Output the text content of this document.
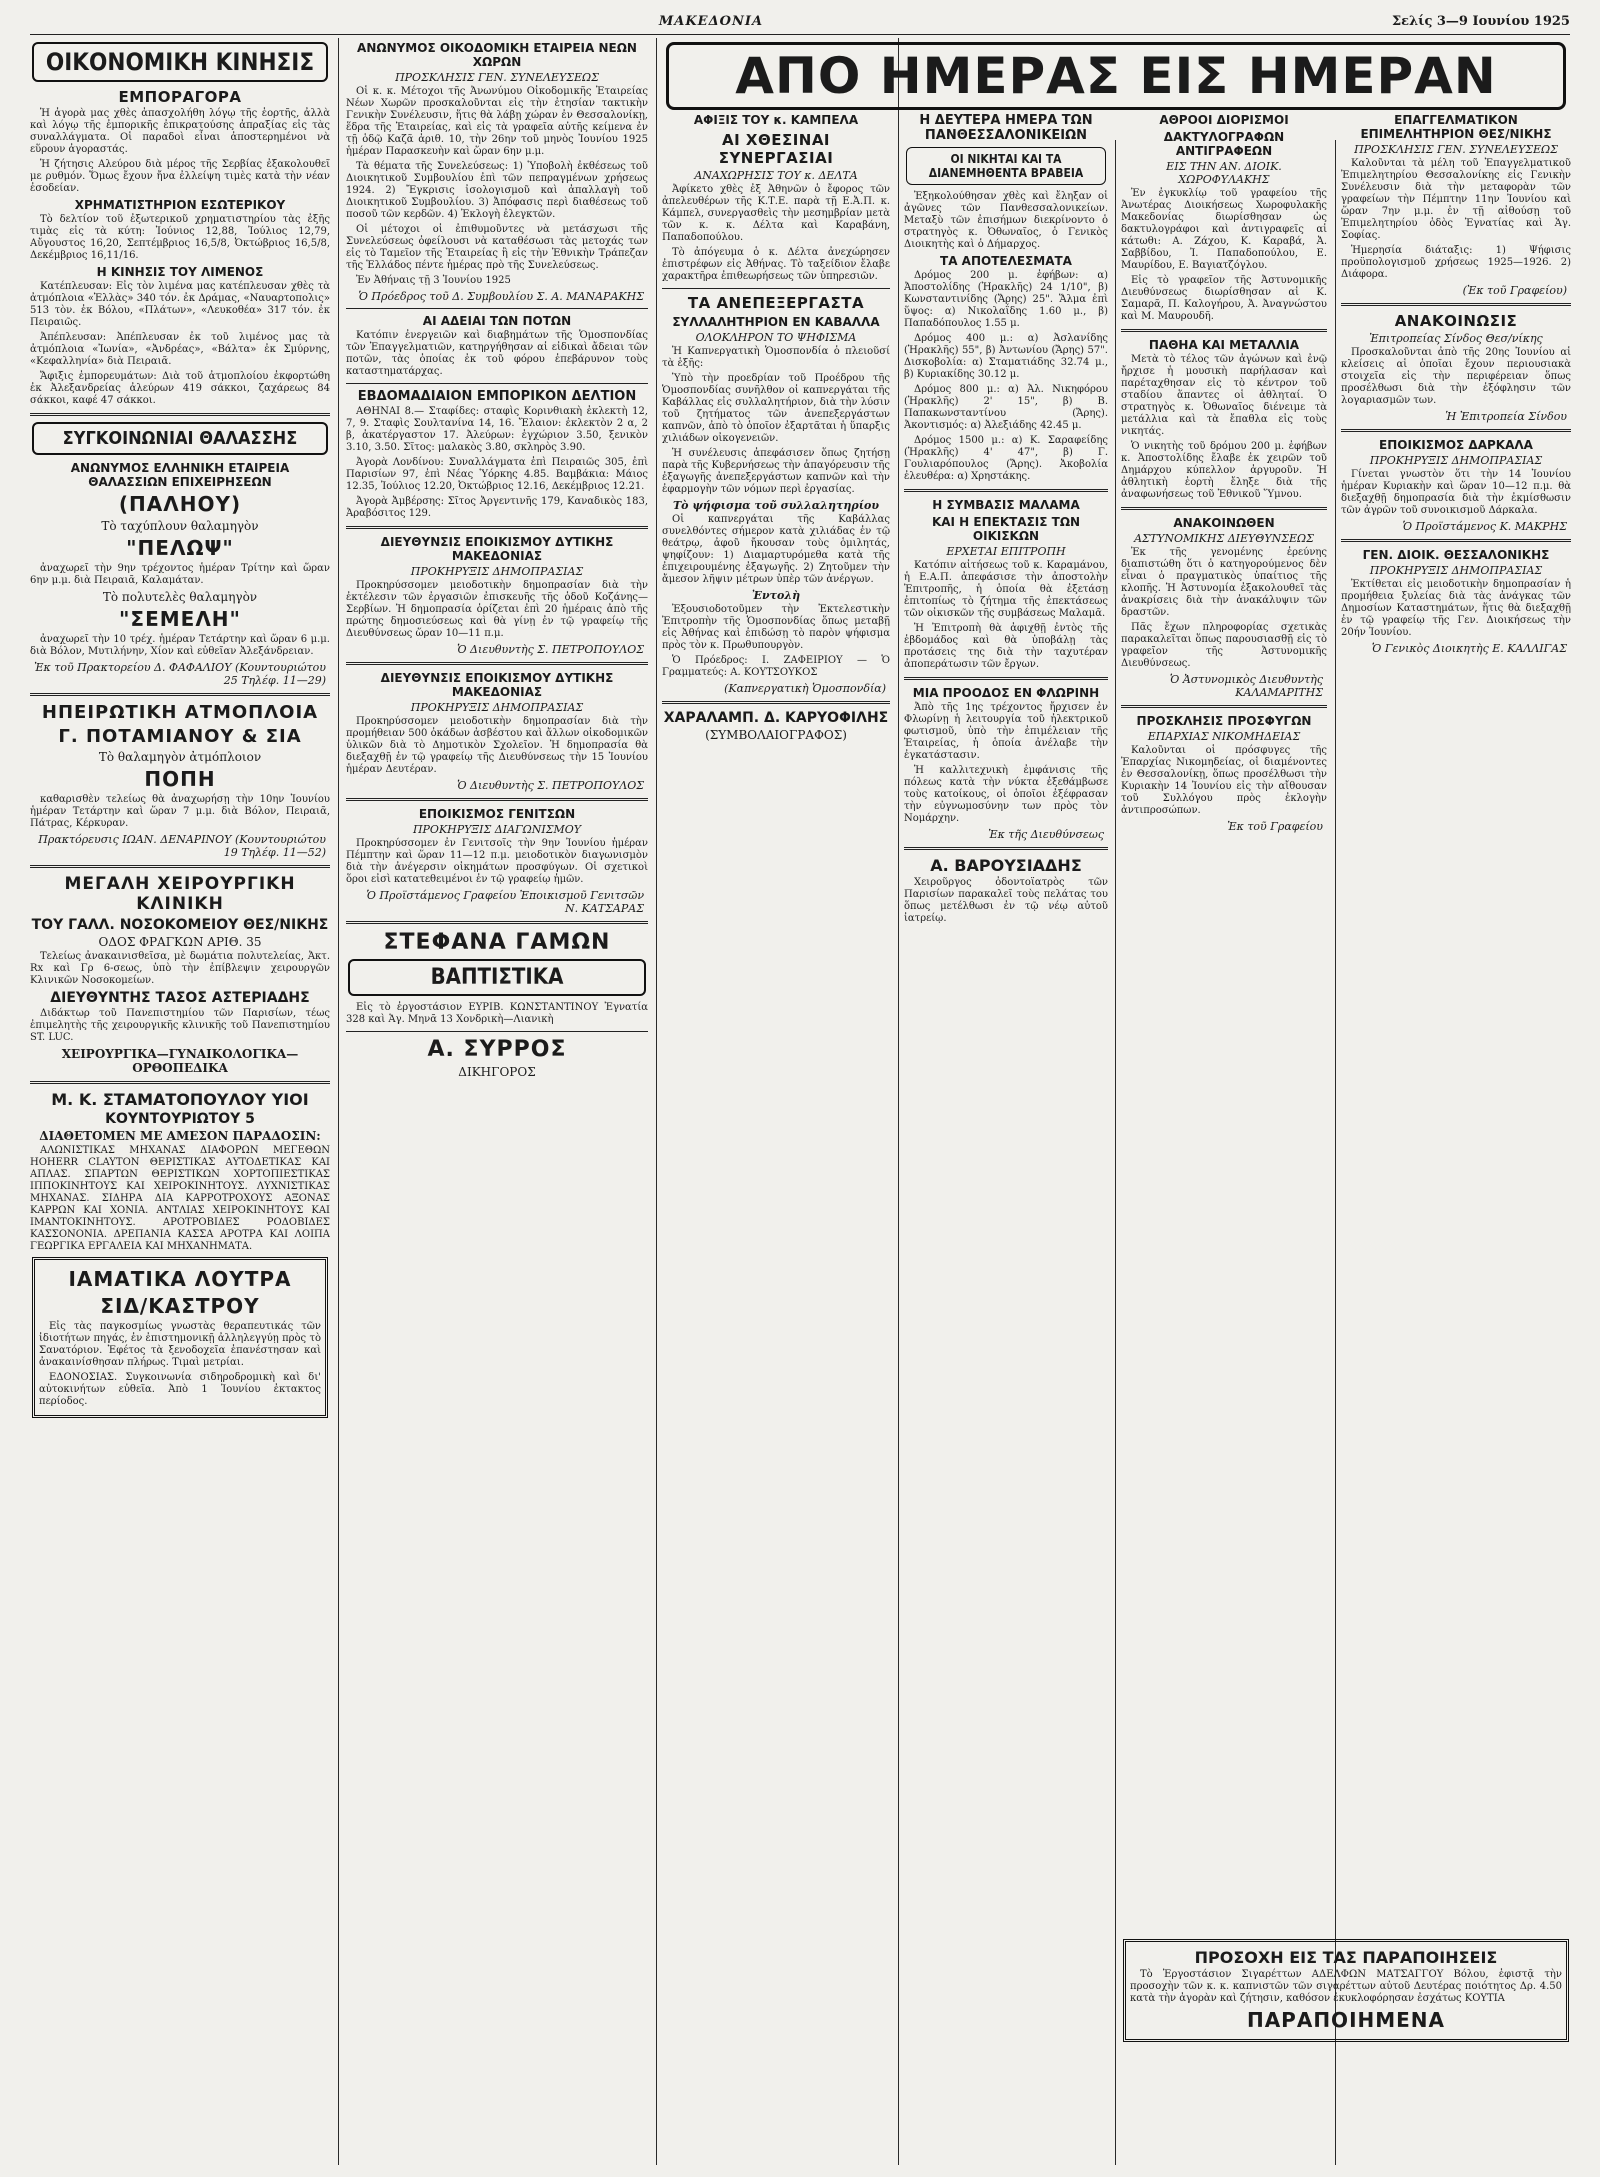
ΜΑΚΕΔΟΝΙΑ	Σελίς 3—9 Ιουνίου 1925
ΟΙΚΟΝΟΜΙΚΗ ΚΙΝΗΣΙΣ
ΕΜΠΟΡΑΓΟΡΑ

Ἡ ἀγορὰ μας χθὲς ἀπασχολήθη λόγῳ τῆς ἑορτῆς, ἀλλὰ καὶ λόγῳ τῆς ἐμπορικῆς ἐπικρατούσης ἀπραξίας εἰς τὰς συναλλάγματα. Οἱ παραδοὶ εἶναι ἀποστερημένοι νὰ εὕρουν ἀγοραστάς.

Ἡ ζήτησις Αλεύρου διὰ μέρος τῆς Σερβίας ἐξακολουθεῖ με ρυθμόν. Ὅμως ἔχουν ἤνα ἐλλείψη τιμὲς κατὰ τὴν νέαν ἐσοδείαν.

ΧΡΗΜΑΤΙΣΤΗΡΙΟΝ ΕΣΩΤΕΡΙΚΟΥ

Τὸ δελτίον τοῦ ἐξωτερικοῦ χρηματιστηρίου τὰς ἐξῆς τιμὰς εἰς τὰ κύτη: Ἰούνιος 12,88, Ἰούλιος 12,79, Αὔγουστος 16,20, Σεπτέμβριος 16,5/8, Ὀκτώβριος 16,5/8, Δεκέμβριος 16,11/16.

Η ΚΙΝΗΣΙΣ ΤΟΥ ΛΙΜΕΝΟΣ

Κατέπλευσαν: Εἰς τὸν λιμένα μας κατέπλευσαν χθὲς τὰ ἀτμόπλοια «Ἑλλὰς» 340 τόν. ἐκ Δράμας, «Ναυαρτοπολις» 513 τὸν. ἐκ Βόλου, «Πλάτων», «Λευκοθέα» 317 τόν. ἐκ Πειραιῶς.

Ἀπέπλευσαν: Ἀπέπλευσαν ἐκ τοῦ λιμένος μας τὰ ἀτμόπλοια «Ἰωνία», «Ἀνδρέας», «Βάλτα» ἐκ Σμύρνης, «Κεφαλληνία» διὰ Πειραιᾶ.

Ἄφιξις ἐμπορευμάτων: Διὰ τοῦ ἀτμοπλοίου ἐκφορτώθη ἐκ Ἀλεξανδρείας ἀλεύρων 419 σάκκοι, ζαχάρεως 84 σάκκοι, καφέ 47 σάκκοι.

ΣΥΓΚΟΙΝΩΝΙΑΙ ΘΑΛΑΣΣΗΣ
ΑΝΩΝΥΜΟΣ ΕΛΛΗΝΙΚΗ ΕΤΑΙΡΕΙΑ ΘΑΛΑΣΣΙΩΝ ΕΠΙΧΕΙΡΗΣΕΩΝ
(ΠΑΛΗΟΥ)
Τὸ ταχύπλουν θαλαμηγὸν
"ΠΕΛΩΨ"

ἀναχωρεῖ τὴν 9ην τρέχοντος ἡμέραν Τρίτην καὶ ὥραν 6ην μ.μ. διὰ Πειραιᾶ, Καλαμάταν.

Τὸ πολυτελὲς θαλαμηγὸν
"ΣΕΜΕΛΗ"

ἀναχωρεῖ τὴν 10 τρέχ. ἡμέραν Τετάρτην καὶ ὥραν 6 μ.μ. διὰ Βόλον, Μυτιλήνην, Χίον καὶ εὐθεῖαν Ἀλεξάνδρειαν.

Ἐκ τοῦ Πρακτορείου Δ. ΦΑΦΑΛΙΟΥ (Κουντουριώτου 25 Τηλέφ. 11—29)
ΗΠΕΙΡΩΤΙΚΗ ΑΤΜΟΠΛΟΙΑ
Γ. ΠΟΤΑΜΙΑΝΟΥ & ΣΙΑ
Τὸ θαλαμηγὸν ἀτμόπλοιον
ΠΟΠΗ

καθαρισθὲν τελείως θὰ ἀναχωρήσῃ τὴν 10ην Ἰουνίου ἡμέραν Τετάρτην καὶ ὥραν 7 μ.μ. διὰ Βόλον, Πειραιᾶ, Πάτρας, Κέρκυραν.

Πρακτόρευσις ΙΩΑΝ. ΔΕΝΑΡΙΝΟΥ (Κουντουριώτου 19 Τηλέφ. 11—52)
ΜΕΓΑΛΗ ΧΕΙΡΟΥΡΓΙΚΗ ΚΛΙΝΙΚΗ
ΤΟΥ ΓΑΛΛ. ΝΟΣΟΚΟΜΕΙΟΥ ΘΕΣ/ΝΙΚΗΣ
ΟΔΟΣ ΦΡΑΓΚΩΝ ΑΡΙΘ. 35

Τελείως ἀνακαινισθεῖσα, μὲ δωμάτια πολυτελείας, Ἀκτ. Rx καὶ Γρ 6-σεως, ὑπὸ τὴν ἐπίβλεψιν χειρουργῶν Κλινικῶν Νοσοκομείων.

ΔΙΕΥΘΥΝΤΗΣ ΤΑΣΟΣ ΑΣΤΕΡΙΑΔΗΣ

Διδάκτωρ τοῦ Πανεπιστημίου τῶν Παρισίων, τέως ἐπιμελητὴς τῆς χειρουργικῆς κλινικῆς τοῦ Πανεπιστημίου ST. LUC.

ΧΕΙΡΟΥΡΓΙΚΑ—ΓΥΝΑΙΚΟΛΟΓΙΚΑ—ΟΡΘΟΠΕΔΙΚΑ
Μ. Κ. ΣΤΑΜΑΤΟΠΟΥΛΟΥ ΥΙΟΙ
ΚΟΥΝΤΟΥΡΙΩΤΟΥ 5
ΔΙΑΘΕΤΟΜΕΝ ΜΕ ΑΜΕΣΟΝ ΠΑΡΑΔΟΣΙΝ:

ΑΛΩΝΙΣΤΙΚΑΣ ΜΗΧΑΝΑΣ ΔΙΑΦΟΡΩΝ ΜΕΓΕΘΩΝ HOHERR CLAYTON ΘΕΡΙΣΤΙΚΑΣ ΑΥΤΟΔΕΤΙΚΑΣ ΚΑΙ ΑΠΛΑΣ. ΣΠΑΡΤΩΝ ΘΕΡΙΣΤΙΚΩΝ ΧΟΡΤΟΠΙΕΣΤΙΚΑΣ ΙΠΠΟΚΙΝΗΤΟΥΣ ΚΑΙ ΧΕΙΡΟΚΙΝΗΤΟΥΣ. ΛΥΧΝΙΣΤΙΚΑΣ ΜΗΧΑΝΑΣ. ΣΙΔΗΡΑ ΔΙΑ ΚΑΡΡΟΤΡΟΧΟΥΣ ΑΞΟΝΑΣ ΚΑΡΡΩΝ ΚΑΙ ΧΟΝΙΑ. ΑΝΤΛΙΑΣ ΧΕΙΡΟΚΙΝΗΤΟΥΣ ΚΑΙ ΙΜΑΝΤΟΚΙΝΗΤΟΥΣ. ΑΡΟΤΡΟΒΙΔΕΣ ΡΟΔΟΒΙΔΕΣ ΚΑΣΣΟΝΟΝΙΑ. ΔΡΕΠΑΝΙΑ ΚΑΣΣΑ ΑΡΟΤΡΑ ΚΑΙ ΛΟΙΠΑ ΓΕΩΡΓΙΚΑ ΕΡΓΑΛΕΙΑ ΚΑΙ ΜΗΧΑΝΗΜΑΤΑ.

ΙΑΜΑΤΙΚΑ ΛΟΥΤΡΑ
ΣΙΔ/ΚΑΣΤΡΟΥ

Εἰς τὰς παγκοσμίως γνωστὰς θεραπευτικάς τῶν ἰδιοτήτων πηγάς, ἐν ἐπιστημονικῇ ἀλληλεγγύῃ πρὸς τὸ Σανατόριον. Ἐφέτος τὰ ξενοδοχεῖα ἐπανέστησαν καὶ ἀνακαινίσθησαν πλήρως. Τιμαὶ μετρίαι.

ΕΔΟΝΟΣΙΑΣ. Συγκοινωνία σιδηροδρομικὴ καὶ δι' αὐτοκινήτων εὐθεῖα. Ἀπὸ 1 Ἰουνίου ἐκτακτος περίοδος.

ΑΝΩΝΥΜΟΣ ΟΙΚΟΔΟΜΙΚΗ ΕΤΑΙΡΕΙΑ ΝΕΩΝ ΧΩΡΩΝ
ΠΡΟΣΚΛΗΣΙΣ ΓΕΝ. ΣΥΝΕΛΕΥΣΕΩΣ

Οἱ κ. κ. Μέτοχοι τῆς Ἀνωνύμου Οἰκοδομικῆς Ἑταιρείας Νέων Χωρῶν προσκαλοῦνται εἰς τὴν ἐτησίαν τακτικὴν Γενικὴν Συνέλευσιν, ἥτις θὰ λάβῃ χώραν ἐν Θεσσαλονίκῃ, ἕδρα τῆς Ἑταιρείας, καὶ εἰς τὰ γραφεῖα αὐτῆς κείμενα ἐν τῇ ὁδῷ Καζᾶ ἀριθ. 10, τὴν 26ην τοῦ μηνὸς Ἰουνίου 1925 ἡμέραν Παρασκευὴν καὶ ὥραν 6ην μ.μ.

Τὰ θέματα τῆς Συνελεύσεως: 1) Ὑποβολὴ ἐκθέσεως τοῦ Διοικητικοῦ Συμβουλίου ἐπὶ τῶν πεπραγμένων χρήσεως 1924. 2) Ἔγκρισις ἰσολογισμοῦ καὶ ἀπαλλαγὴ τοῦ Διοικητικοῦ Συμβουλίου. 3) Ἀπόφασις περὶ διαθέσεως τοῦ ποσοῦ τῶν κερδῶν. 4) Ἐκλογὴ ἐλεγκτῶν.

Οἱ μέτοχοι οἱ ἐπιθυμοῦντες νὰ μετάσχωσι τῆς Συνελεύσεως ὀφείλουσι νὰ καταθέσωσι τὰς μετοχάς των εἰς τὸ Ταμεῖον τῆς Ἑταιρείας ἢ εἰς τὴν Ἐθνικὴν Τράπεζαν τῆς Ἑλλάδος πέντε ἡμέρας πρὸ τῆς Συνελεύσεως.

Ἐν Ἀθήναις τῇ 3 Ἰουνίου 1925

Ὁ Πρόεδρος τοῦ Δ. Συμβουλίου Σ. Α. ΜΑΝΑΡΑΚΗΣ
ΑΙ ΑΔΕΙΑΙ ΤΩΝ ΠΟΤΩΝ

Κατόπιν ἐνεργειῶν καὶ διαβημάτων τῆς Ὁμοσπονδίας τῶν Ἐπαγγελματιῶν, κατηργήθησαν αἱ εἰδικαὶ ἄδειαι τῶν ποτῶν, τὰς ὁποίας ἐκ τοῦ φόρου ἐπεβάρυνον τοὺς καταστηματάρχας.

ΕΒΔΟΜΑΔΙΑΙΟΝ ΕΜΠΟΡΙΚΟΝ ΔΕΛΤΙΟΝ

ΑΘΗΝΑΙ 8.— Σταφίδες: σταφὶς Κορινθιακὴ ἐκλεκτὴ 12, 7, 9. Σταφὶς Σουλτανίνα 14, 16. Ἔλαιον: ἐκλεκτὸν 2 α, 2 β, ἀκατέργαστον 17. Ἀλεύρων: ἐγχώριον 3.50, ξενικὸν 3.10, 3.50. Σῖτος: μαλακὸς 3.80, σκληρὸς 3.90.

Ἀγορὰ Λονδίνου: Συναλλάγματα ἐπὶ Πειραιῶς 305, ἐπὶ Παρισίων 97, ἐπὶ Νέας Ὑόρκης 4.85. Βαμβάκια: Μάιος 12.35, Ἰούλιος 12.20, Ὀκτώβριος 12.16, Δεκέμβριος 12.21.

Ἀγορὰ Ἀμβέρσης: Σῖτος Ἀργεντινῆς 179, Καναδικὸς 183, Ἀραβόσιτος 129.

ΔΙΕΥΘΥΝΣΙΣ ΕΠΟΙΚΙΣΜΟΥ ΔΥΤΙΚΗΣ ΜΑΚΕΔΟΝΙΑΣ
ΠΡΟΚΗΡΥΞΙΣ ΔΗΜΟΠΡΑΣΙΑΣ

Προκηρύσσομεν μειοδοτικὴν δημοπρασίαν διὰ τὴν ἐκτέλεσιν τῶν ἐργασιῶν ἐπισκευῆς τῆς ὁδοῦ Κοζάνης—Σερβίων. Ἡ δημοπρασία ὁρίζεται ἐπὶ 20 ἡμέραις ἀπὸ τῆς πρώτης δημοσιεύσεως καὶ θὰ γίνῃ ἐν τῷ γραφείῳ τῆς Διευθύνσεως ὥραν 10—11 π.μ.

Ὁ Διευθυντὴς Σ. ΠΕΤΡΟΠΟΥΛΟΣ
ΔΙΕΥΘΥΝΣΙΣ ΕΠΟΙΚΙΣΜΟΥ ΔΥΤΙΚΗΣ ΜΑΚΕΔΟΝΙΑΣ
ΠΡΟΚΗΡΥΞΙΣ ΔΗΜΟΠΡΑΣΙΑΣ

Προκηρύσσομεν μειοδοτικὴν δημοπρασίαν διὰ τὴν προμήθειαν 500 ὀκάδων ἀσβέστου καὶ ἄλλων οἰκοδομικῶν ὑλικῶν διὰ τὸ Δημοτικὸν Σχολεῖον. Ἡ δημοπρασία θὰ διεξαχθῇ ἐν τῷ γραφείῳ τῆς Διευθύνσεως τὴν 15 Ἰουνίου ἡμέραν Δευτέραν.

Ὁ Διευθυντὴς Σ. ΠΕΤΡΟΠΟΥΛΟΣ
ΕΠΟΙΚΙΣΜΟΣ ΓΕΝΙΤΣΩΝ
ΠΡΟΚΗΡΥΞΙΣ ΔΙΑΓΩΝΙΣΜΟΥ

Προκηρύσσομεν ἐν Γενιτσοῖς τὴν 9ην Ἰουνίου ἡμέραν Πέμπτην καὶ ὥραν 11—12 π.μ. μειοδοτικὸν διαγωνισμὸν διὰ τὴν ἀνέγερσιν οἰκημάτων προσφύγων. Οἱ σχετικοὶ ὅροι εἰσὶ κατατεθειμένοι ἐν τῷ γραφείῳ ἡμῶν.

Ὁ Προϊστάμενος Γραφείου Ἐποικισμοῦ Γενιτσῶν Ν. ΚΑΤΣΑΡΑΣ
ΣΤΕΦΑΝΑ ΓΑΜΩΝ
ΒΑΠΤΙΣΤΙΚΑ

Εἰς τὸ ἐργοστάσιον ΕΥΡΙΒ. ΚΩΝΣΤΑΝΤΙΝΟΥ Ἐγνατία 328 καὶ Ἁγ. Μηνᾶ 13 Χονδρικὴ—Λιανικὴ

Α. ΣΥΡΡΟΣ
ΔΙΚΗΓΟΡΟΣ
ΑΠΟ ΗΜΕΡΑΣ ΕΙΣ ΗΜΕΡΑΝ
ΑΦΙΞΙΣ ΤΟΥ κ. ΚΑΜΠΕΛΑ
ΑΙ ΧΘΕΣΙΝΑΙ ΣΥΝΕΡΓΑΣΙΑΙ
ΑΝΑΧΩΡΗΣΙΣ ΤΟΥ κ. ΔΕΛΤΑ

Ἀφίκετο χθὲς ἐξ Ἀθηνῶν ὁ ἔφορος τῶν ἀπελευθέρων τῆς Κ.Τ.Ε. παρὰ τῇ Ε.Ἀ.Π. κ. Κάμπελ, συνεργασθεὶς τὴν μεσημβρίαν μετὰ τῶν κ. κ. Δέλτα καὶ Καραβάνη, Παπαδοπούλου.

Τὸ ἀπόγευμα ὁ κ. Δέλτα ἀνεχώρησεν ἐπιστρέφων εἰς Ἀθήνας. Τὸ ταξείδιον ἔλαβε χαρακτῆρα ἐπιθεωρήσεως τῶν ὑπηρεσιῶν.

ΤΑ ΑΝΕΠΕΞΕΡΓΑΣΤΑ
ΣΥΛΛΑΛΗΤΗΡΙΟΝ ΕΝ ΚΑΒΑΛΛΑ
ΟΛΟΚΛΗΡΟΝ ΤΟ ΨΗΦΙΣΜΑ

Ἡ Καπνεργατικὴ Ὁμοσπονδία ὁ πλειοῦσί τὰ ἑξῆς:

Ὑπὸ τὴν προεδρίαν τοῦ Προέδρου τῆς Ὁμοσπονδίας συνῆλθον οἱ καπνεργάται τῆς Καβάλλας εἰς συλλαλητήριον, διὰ τὴν λύσιν τοῦ ζητήματος τῶν ἀνεπεξεργάστων καπνῶν, ἀπὸ τὸ ὁποῖον ἐξαρτᾶται ἡ ὕπαρξις χιλιάδων οἰκογενειῶν.

Ἡ συνέλευσις ἀπεφάσισεν ὅπως ζητήσῃ παρὰ τῆς Κυβερνήσεως τὴν ἀπαγόρευσιν τῆς ἐξαγωγῆς ἀνεπεξεργάστων καπνῶν καὶ τὴν ἐφαρμογὴν τῶν νόμων περὶ ἐργασίας.

Τὸ ψήφισμα τοῦ συλλαλητηρίου

Οἱ καπνεργάται τῆς Καβάλλας συνελθόντες σήμερον κατὰ χιλιάδας ἐν τῷ θεάτρῳ, ἀφοῦ ἤκουσαν τοὺς ὁμιλητάς, ψηφίζουν: 1) Διαμαρτυρόμεθα κατὰ τῆς ἐπιχειρουμένης ἐξαγωγῆς. 2) Ζητοῦμεν τὴν ἄμεσον λῆψιν μέτρων ὑπὲρ τῶν ἀνέργων.

Ἐντολὴ

Ἐξουσιοδοτοῦμεν τὴν Ἐκτελεστικὴν Ἐπιτροπὴν τῆς Ὁμοσπονδίας ὅπως μεταβῇ εἰς Ἀθήνας καὶ ἐπιδώσῃ τὸ παρὸν ψήφισμα πρὸς τὸν κ. Πρωθυπουργὸν.

Ὁ Πρόεδρος: Ι. ΖΑΦΕΙΡΙΟΥ — Ὁ Γραμματεύς: Α. ΚΟΥΤΣΟΥΚΟΣ

(Καπνεργατικὴ Ὁμοσπονδία)
ΧΑΡΑΛΑΜΠ. Δ. ΚΑΡΥΟΦΙΛΗΣ
(ΣΥΜΒΟΛΑΙΟΓΡΑΦΟΣ)
Η ΔΕΥΤΕΡΑ ΗΜΕΡΑ ΤΩΝ ΠΑΝΘΕΣΣΑΛΟΝΙΚΕΙΩΝ
ΟΙ ΝΙΚΗΤΑΙ ΚΑΙ ΤΑ ΔΙΑΝΕΜΗΘΕΝΤΑ ΒΡΑΒΕΙΑ

Ἐξηκολούθησαν χθὲς καὶ ἔληξαν οἱ ἀγῶνες τῶν Πανθεσσαλονικείων. Μεταξὺ τῶν ἐπισήμων διεκρίνοντο ὁ στρατηγὸς κ. Ὀθωναῖος, ὁ Γενικὸς Διοικητὴς καὶ ὁ Δήμαρχος.

ΤΑ ΑΠΟΤΕΛΕΣΜΑΤΑ

Δρόμος 200 μ. ἐφήβων: α) Ἀποστολίδης (Ἡρακλῆς) 24 1/10", β) Κωνσταντινίδης (Ἄρης) 25". Ἅλμα ἐπὶ ὕψος: α) Νικολαΐδης 1.60 μ., β) Παπαδόπουλος 1.55 μ.

Δρόμος 400 μ.: α) Ἀσλανίδης (Ἡρακλῆς) 55", β) Ἀντωνίου (Ἄρης) 57". Δισκοβολία: α) Σταματιάδης 32.74 μ., β) Κυριακίδης 30.12 μ.

Δρόμος 800 μ.: α) Ἀλ. Νικηφόρου (Ἡρακλῆς) 2' 15", β) Β. Παπακωνσταντίνου (Ἄρης). Ἀκοντισμός: α) Ἀλεξιάδης 42.45 μ.

Δρόμος 1500 μ.: α) Κ. Σαραφείδης (Ἡρακλῆς) 4' 47", β) Γ. Γουλιαρόπουλος (Ἄρης). Ἀκοβολία ἐλευθέρα: α) Χρηστάκης.

Η ΣΥΜΒΑΣΙΣ ΜΑΛΑΜΑ
ΚΑΙ Η ΕΠΕΚΤΑΣΙΣ ΤΩΝ ΟΙΚΙΣΚΩΝ
ΕΡΧΕΤΑΙ ΕΠΙΤΡΟΠΗ

Κατόπιν αἰτήσεως τοῦ κ. Καραμάνου, ἡ Ε.Α.Π. ἀπεφάσισε τὴν ἀποστολὴν Ἐπιτροπῆς, ἡ ὁποία θὰ ἐξετάσῃ ἐπιτοπίως τὸ ζήτημα τῆς ἐπεκτάσεως τῶν οἰκισκῶν τῆς συμβάσεως Μαλαμᾶ.

Ἡ Ἐπιτροπὴ θὰ ἀφιχθῇ ἐντὸς τῆς ἑβδομάδος καὶ θὰ ὑποβάλῃ τὰς προτάσεις της διὰ τὴν ταχυτέραν ἀποπεράτωσιν τῶν ἔργων.

ΜΙΑ ΠΡΟΟΔΟΣ ΕΝ ΦΛΩΡΙΝΗ

Ἀπὸ τῆς 1ης τρέχοντος ἤρχισεν ἐν Φλωρίνῃ ἡ λειτουργία τοῦ ἠλεκτρικοῦ φωτισμοῦ, ὑπὸ τὴν ἐπιμέλειαν τῆς Ἑταιρείας, ἡ ὁποία ἀνέλαβε τὴν ἐγκατάστασιν.

Ἡ καλλιτεχνικὴ ἐμφάνισις τῆς πόλεως κατὰ τὴν νύκτα ἐξεθάμβωσε τοὺς κατοίκους, οἱ ὁποῖοι ἐξέφρασαν τὴν εὐγνωμοσύνην των πρὸς τὸν Νομάρχην.

Ἐκ τῆς Διευθύνσεως
Α. ΒΑΡΟΥΣΙΑΔΗΣ

Χειροῦργος ὀδοντοϊατρὸς τῶν Παρισίων παρακαλεῖ τοὺς πελάτας του ὅπως μετέλθωσι ἐν τῷ νέῳ αὐτοῦ ἰατρείῳ.

ΑΘΡΟΟΙ ΔΙΟΡΙΣΜΟΙ
ΔΑΚΤΥΛΟΓΡΑΦΩΝ ΑΝΤΙΓΡΑΦΕΩΝ
ΕΙΣ ΤΗΝ ΑΝ. ΔΙΟΙΚ. ΧΩΡΟΦΥΛΑΚΗΣ

Ἐν ἐγκυκλίῳ τοῦ γραφείου τῆς Ἀνωτέρας Διοικήσεως Χωροφυλακῆς Μακεδονίας διωρίσθησαν ὡς δακτυλογράφοι καὶ ἀντιγραφεῖς αἱ κάτωθι: Α. Ζάχου, Κ. Καραβά, Ἀ. Σαββίδου, Ἰ. Παπαδοπούλου, Ε. Μαυρίδου, Ε. Βαγιατζόγλου.

Εἰς τὸ γραφεῖον τῆς Ἀστυνομικῆς Διευθύνσεως διωρίσθησαν αἱ Κ. Σαμαρᾶ, Π. Καλογήρου, Ἀ. Ἀναγνώστου καὶ Μ. Μαυρουδῆ.

ΠΑΘΗΑ ΚΑΙ ΜΕΤΑΛΛΙΑ

Μετὰ τὸ τέλος τῶν ἀγώνων καὶ ἐνῷ ἤρχισε ἡ μουσικὴ παρήλασαν καὶ παρέταχθησαν εἰς τὸ κέντρον τοῦ σταδίου ἅπαντες οἱ ἀθληταί. Ὁ στρατηγὸς κ. Ὀθωναῖος διένειμε τὰ μετάλλια καὶ τὰ ἔπαθλα εἰς τοὺς νικητάς.

Ὁ νικητὴς τοῦ δρόμου 200 μ. ἐφήβων κ. Ἀποστολίδης ἔλαβε ἐκ χειρῶν τοῦ Δημάρχου κύπελλον ἀργυροῦν. Ἡ ἀθλητικὴ ἑορτὴ ἔληξε διὰ τῆς ἀναφωνήσεως τοῦ Ἐθνικοῦ Ὕμνου.

ΑΝΑΚΟΙΝΩΘΕΝ
ΑΣΤΥΝΟΜΙΚΗΣ ΔΙΕΥΘΥΝΣΕΩΣ

Ἐκ τῆς γενομένης ἐρεύνης διαπιστώθη ὅτι ὁ κατηγορούμενος δὲν εἶναι ὁ πραγματικὸς ὑπαίτιος τῆς κλοπῆς. Ἡ Ἀστυνομία ἐξακολουθεῖ τὰς ἀνακρίσεις διὰ τὴν ἀνακάλυψιν τῶν δραστῶν.

Πᾶς ἔχων πληροφορίας σχετικὰς παρακαλεῖται ὅπως παρουσιασθῇ εἰς τὸ γραφεῖον τῆς Ἀστυνομικῆς Διευθύνσεως.

Ὁ Ἀστυνομικὸς Διευθυντὴς ΚΑΛΑΜΑΡΙΤΗΣ
ΠΡΟΣΚΛΗΣΙΣ ΠΡΟΣΦΥΓΩΝ
ΕΠΑΡΧΙΑΣ ΝΙΚΟΜΗΔΕΙΑΣ

Καλοῦνται οἱ πρόσφυγες τῆς Ἐπαρχίας Νικομηδείας, οἱ διαμένοντες ἐν Θεσσαλονίκῃ, ὅπως προσέλθωσι τὴν Κυριακὴν 14 Ἰουνίου εἰς τὴν αἴθουσαν τοῦ Συλλόγου πρὸς ἐκλογὴν ἀντιπροσώπων.

Ἐκ τοῦ Γραφείου
ΕΠΑΓΓΕΛΜΑΤΙΚΟΝ ΕΠΙΜΕΛΗΤΗΡΙΟΝ ΘΕΣ/ΝΙΚΗΣ
ΠΡΟΣΚΛΗΣΙΣ ΓΕΝ. ΣΥΝΕΛΕΥΣΕΩΣ

Καλοῦνται τὰ μέλη τοῦ Ἐπαγγελματικοῦ Ἐπιμελητηρίου Θεσσαλονίκης εἰς Γενικὴν Συνέλευσιν διὰ τὴν μεταφορὰν τῶν γραφείων τὴν Πέμπτην 11ην Ἰουνίου καὶ ὥραν 7ην μ.μ. ἐν τῇ αἰθούσῃ τοῦ Ἐπιμελητηρίου ὁδὸς Ἐγνατίας καὶ Ἁγ. Σοφίας.

Ἡμερησία διάταξις: 1) Ψήφισις προϋπολογισμοῦ χρήσεως 1925—1926. 2) Διάφορα.

(Ἐκ τοῦ Γραφείου)
ΑΝΑΚΟΙΝΩΣΙΣ
Ἐπιτροπείας Σίνδος Θεσ/νίκης

Προσκαλοῦνται ἀπὸ τῆς 20ης Ἰουνίου αἱ κλείσεις αἱ ὁποῖαι ἔχουν περιουσιακὰ στοιχεῖα εἰς τὴν περιφέρειαν ὅπως προσέλθωσι διὰ τὴν ἐξόφλησιν τῶν λογαριασμῶν των.

Ἡ Ἐπιτροπεία Σίνδου
ΕΠΟΙΚΙΣΜΟΣ ΔΑΡΚΑΛΑ
ΠΡΟΚΗΡΥΞΙΣ ΔΗΜΟΠΡΑΣΙΑΣ

Γίνεται γνωστὸν ὅτι τὴν 14 Ἰουνίου ἡμέραν Κυριακὴν καὶ ὥραν 10—12 π.μ. θὰ διεξαχθῇ δημοπρασία διὰ τὴν ἐκμίσθωσιν τῶν ἀγρῶν τοῦ συνοικισμοῦ Δάρκαλα.

Ὁ Προϊστάμενος Κ. ΜΑΚΡΗΣ
ΓΕΝ. ΔΙΟΙΚ. ΘΕΣΣΑΛΟΝΙΚΗΣ
ΠΡΟΚΗΡΥΞΙΣ ΔΗΜΟΠΡΑΣΙΑΣ

Ἐκτίθεται εἰς μειοδοτικὴν δημοπρασίαν ἡ προμήθεια ξυλείας διὰ τὰς ἀνάγκας τῶν Δημοσίων Καταστημάτων, ἥτις θὰ διεξαχθῇ ἐν τῷ γραφείῳ τῆς Γεν. Διοικήσεως τὴν 20ήν Ἰουνίου.

Ὁ Γενικὸς Διοικητὴς Ε. ΚΑΛΛΙΓΑΣ
ΠΡΟΣΟΧΗ ΕΙΣ ΤΑΣ ΠΑΡΑΠΟΙΗΣΕΙΣ

Τὸ Ἐργοστάσιον Σιγαρέττων ΑΔΕΛΦΩΝ ΜΑΤΣΑΓΓΟΥ Βόλου, ἐφιστᾷ τὴν προσοχὴν τῶν κ. κ. καπνιστῶν τῶν σιγαρέττων αὐτοῦ Δευτέρας ποιότητος Δρ. 4.50 κατὰ τὴν ἀγορὰν καὶ ζήτησιν, καθόσον ἐκυκλοφόρησαν ἐσχάτως ΚΟΥΤΙΑ

ΠΑΡΑΠΟΙΗΜΕΝΑ
